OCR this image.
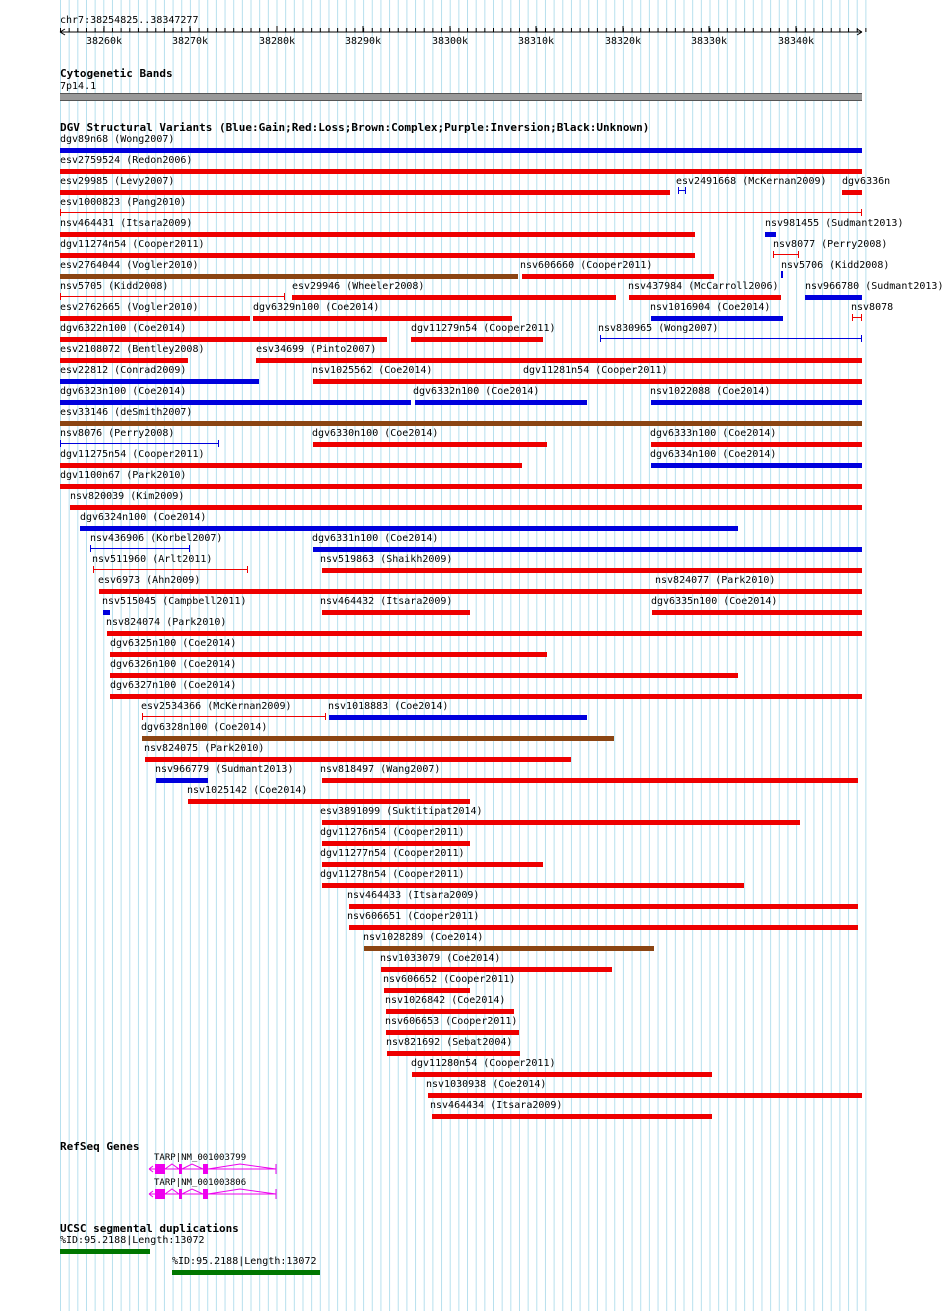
chr7:38254825..38347277
38260k	38270k	38280k	38290k	38300k	38310k	38320k	38330k	38340k
Cytogenetic Bands
7p14.1
DGV Structural Variants (Blue:Gain;Red:Loss;Brown:Complex;Purple:Inversion;Black:Unknown)
dgv89n68 (Wong2007)
esv2759524 (Redon2006)
esv29985 (Levy2007)	esv2491668 (McKernan2009) dgv6336n
esv1000823 (Pang2010)
nsv464431 (Itsara2009)	nsv981455 (Sudmant2013)
dgv11274n54 (Cooper2011)	nsv8077 (Perry2008)
esv2764044 (Vogler2010)	nsv606660 (Cooper2011)	nsv5706 (Kidd2008)
nsv5705 (Kidd2008)	esv29946 (Wheeler2008)	nsv437984 (McCarroll2006)	nsv966780 (Sudmant2013)
esv2762665 (Vogler2010)	dgv6329n100 (Coe2014)	nsv1016904 (Coe2014)	nsv8078
dgv6322n100 (Coe2014)	dgv11279n54 (Cooper2011)	nsv830965 (Wong2007)
esv2108072 (Bentley2008)	esv34699 (Pinto2007)
esv22812 (Conrad2009)	nsv1025562 (Coe2014)	dgv11281n54 (Cooper2011)
dgv6323n100 (Coe2014)	dgv6332n100 (Coe2014)	nsv1022088 (Coe2014)
esv33146 (deSmith2007)
nsv8076 (Perry2008)	dgv6330n100 (Coe2014)	dgv6333n100 (Coe2014)
dgv11275n54 (Cooper2011)	dgv6334n100 (Coe2014)
dgv1100n67 (Park2010)
nsv820039 (Kim2009)
dgv6324n100 (Coe2014)
nsv436906 (Korbel2007)	dgv6331n100 (Coe2014)
nsv511960 (Arlt2011)	nsv519863 (Shaikh2009)
esv6973 (Ahn2009)	nsv824077 (Park2010)
nsv515045 (Campbell2011)	nsv464432 (Itsara2009)	dgv6335n100 (Coe2014)
nsv824074 (Park2010)
dgv6325n100 (Coe2014)
dgv6326n100 (Coe2014)
dgv6327n100 (Coe2014)
esv2534366 (McKernan2009)	nsv1018883 (Coe2014)
dgv6328n100 (Coe2014)
nsv824075 (Park2010)
nsv966779 (Sudmant2013)	nsv818497 (Wang2007)
nsv1025142 (Coe2014)
esv3891099 (Suktitipat2014)
dgv11276n54 (Cooper2011)
dgv11277n54 (Cooper2011)
dgv11278n54 (Cooper2011)
nsv464433 (Itsara2009)
nsv606651 (Cooper2011)
nsv1028289 (Coe2014)
nsv1033079 (Coe2014)
nsv606652 (Cooper2011)
nsv1026842 (Coe2014)
nsv606653 (Cooper2011)
nsv821692 (Sebat2004)
dgv11280n54 (Cooper2011)
nsv1030938 (Coe2014)
nsv464434 (Itsara2009)
RefSeq Genes
TARP|NM_001003799
TARP|NM_001003806
UCSC segmental duplications
%ID:95.2188|Length:13072
%ID:95.2188|Length:13072
